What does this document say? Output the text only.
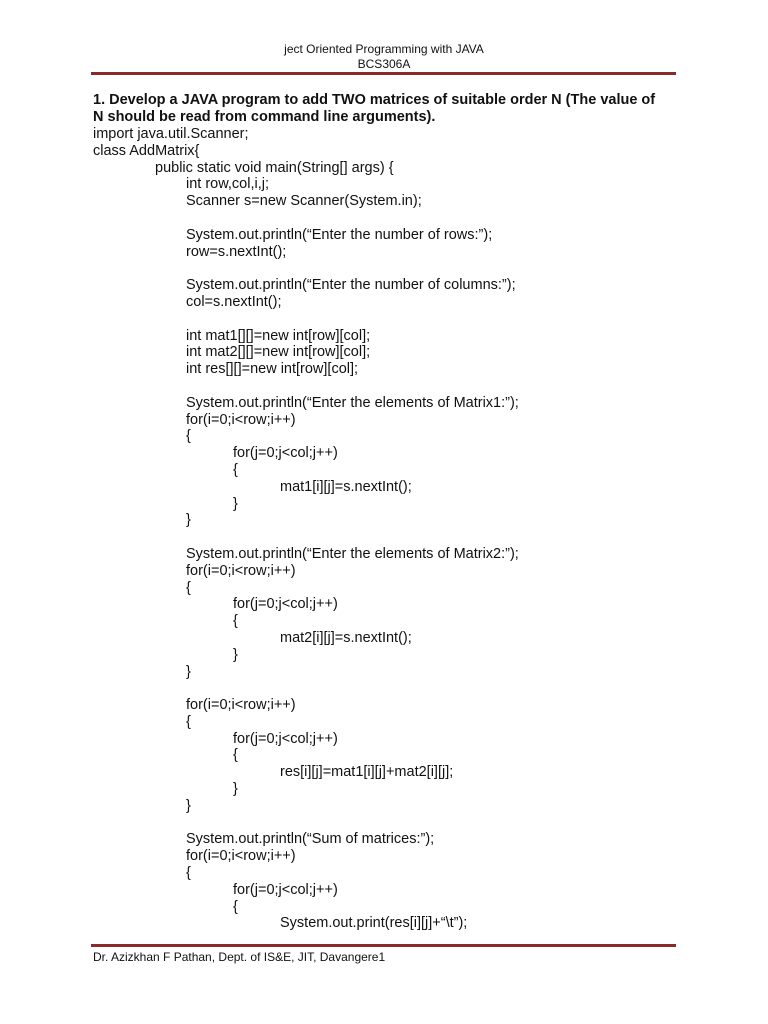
ject Oriented Programming with JAVA
BCS306A
1. Develop a JAVA program to add TWO matrices of suitable order N (The value of
N should be read from command line arguments).
import java.util.Scanner;
class AddMatrix{
public static void main(String[] args) {
int row,col,i,j;
Scanner s=new Scanner(System.in);
System.out.println(“Enter the number of rows:”);
row=s.nextInt();
System.out.println(“Enter the number of columns:”);
col=s.nextInt();
int mat1[][]=new int[row][col];
int mat2[][]=new int[row][col];
int res[][]=new int[row][col];
System.out.println(“Enter the elements of Matrix1:”);
for(i=0;i<row;i++)
{
for(j=0;j<col;j++)
{
mat1[i][j]=s.nextInt();
}
}
System.out.println(“Enter the elements of Matrix2:”);
for(i=0;i<row;i++)
{
for(j=0;j<col;j++)
{
mat2[i][j]=s.nextInt();
}
}
for(i=0;i<row;i++)
{
for(j=0;j<col;j++)
{
res[i][j]=mat1[i][j]+mat2[i][j];
}
}
System.out.println(“Sum of matrices:”);
for(i=0;i<row;i++)
{
for(j=0;j<col;j++)
{
System.out.print(res[i][j]+“\t”);
Dr. Azizkhan F Pathan, Dept. of IS&E, JIT, Davangere1
